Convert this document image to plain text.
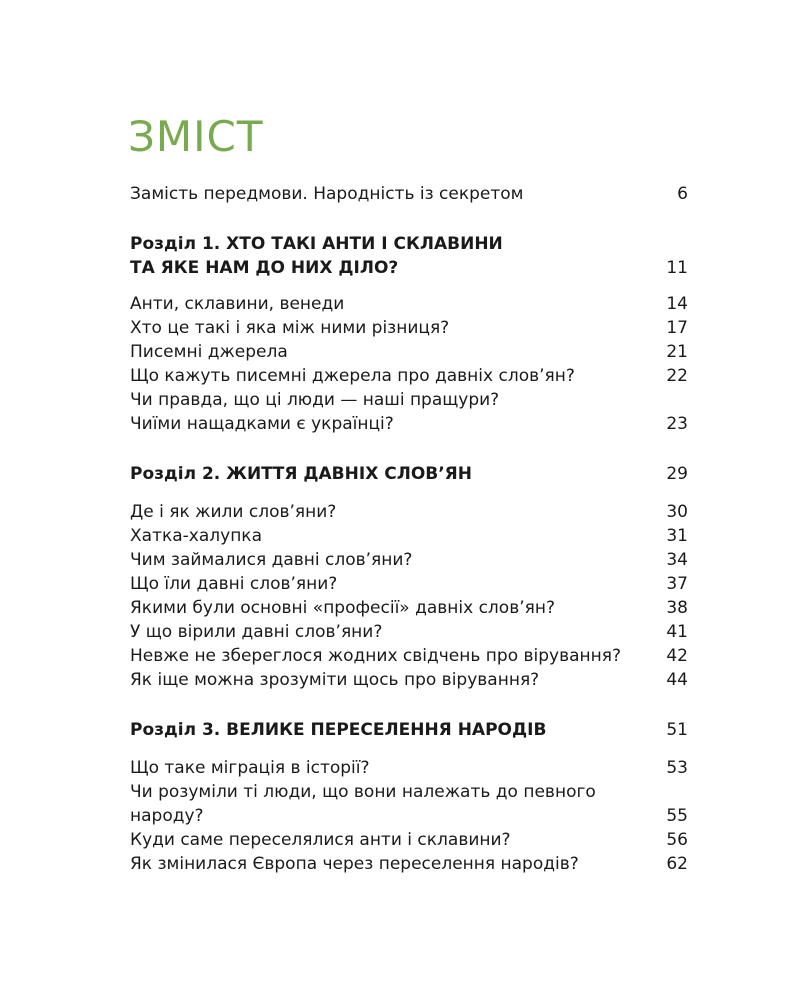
ЗМІСТ
Замість передмови. Народність із секретом	6
Розділ 1. ХТО ТАКІ АНТИ І СКЛАВИНИ
ТА ЯКЕ НАМ ДО НИХ ДІЛО?	11
Анти, склавини, венеди	14
Хто це такі і яка між ними різниця?	17
Писемні джерела	21
Що кажуть писемні джерела про давніх слов’ян?	22
Чи правда, що ці люди — наші пращури?
Чиїми нащадками є українці?	23
Розділ 2. ЖИТТЯ ДАВНІХ СЛОВ’ЯН	29
Де і як жили слов’яни?	30
Хатка-халупка	31
Чим займалися давні слов’яни?	34
Що їли давні слов’яни?	37
Якими були основні «професії» давніх слов’ян?	38
У що вірили давні слов’яни?	41
Невже не збереглося жодних свідчень про вірування?	42
Як іще можна зрозуміти щось про вірування?	44
Розділ 3. ВЕЛИКЕ ПЕРЕСЕЛЕННЯ НАРОДІВ	51
Що таке міграція в історії?	53
Чи розуміли ті люди, що вони належать до певного
народу?	55
Куди саме переселялися анти і склавини?	56
Як змінилася Європа через переселення народів?	62
